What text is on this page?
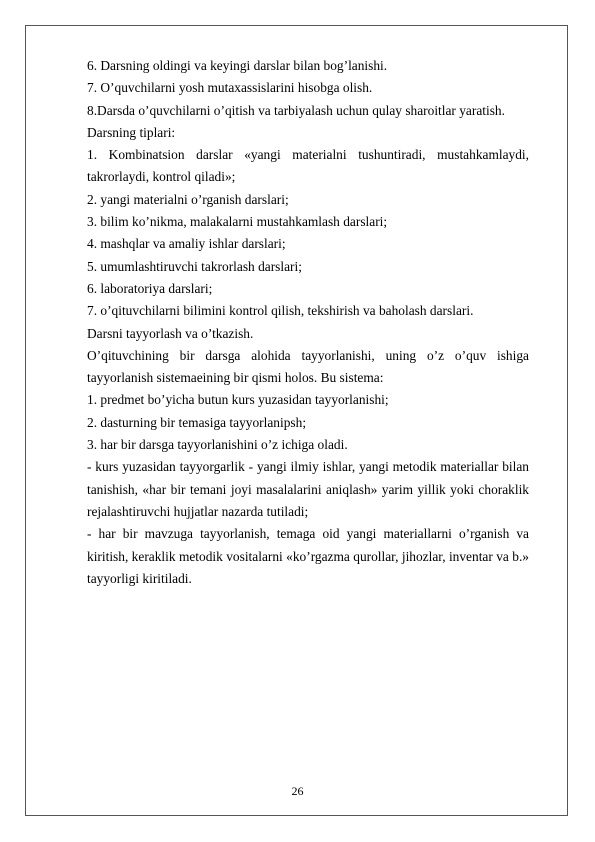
6. Darsning oldingi va keyingi darslar bilan bog’lanishi.

7. O’quvchilarni yosh mutaxassislarini hisobga olish.

8.Darsda o’quvchilarni o’qitish va tarbiyalash uchun qulay sharoitlar yaratish.

Darsning tiplari:

1. Kombinatsion darslar «yangi materialni tushuntiradi, mustahkamlaydi, takrorlaydi, kontrol qiladi»;

2. yangi materialni o’rganish darslari;

3. bilim ko’nikma, malakalarni mustahkamlash darslari;

4. mashqlar va amaliy ishlar darslari;

5. umumlashtiruvchi takrorlash darslari;

6. laboratoriya darslari;

7. o’qituvchilarni bilimini kontrol qilish, tekshirish va baholash darslari.

Darsni tayyorlash va o’tkazish.

O’qituvchining bir darsga alohida tayyorlanishi, uning o’z o’quv ishiga tayyorlanish sistemaeining bir qismi holos. Bu sistema:

1. predmet bo’yicha butun kurs yuzasidan tayyorlanishi;

2. dasturning bir temasiga tayyorlanipsh;

3. har bir darsga tayyorlanishini o’z ichiga oladi.

- kurs yuzasidan tayyorgarlik - yangi ilmiy ishlar, yangi metodik materiallar bilan tanishish, «har bir temani joyi masalalarini aniqlash» yarim yillik yoki choraklik rejalashtiruvchi hujjatlar nazarda tutiladi;

- har bir mavzuga tayyorlanish, temaga oid yangi materiallarni o’rganish va kiritish, keraklik metodik vositalarni «ko’rgazma qurollar, jihozlar, inventar va b.» tayyorligi kiritiladi.

26
